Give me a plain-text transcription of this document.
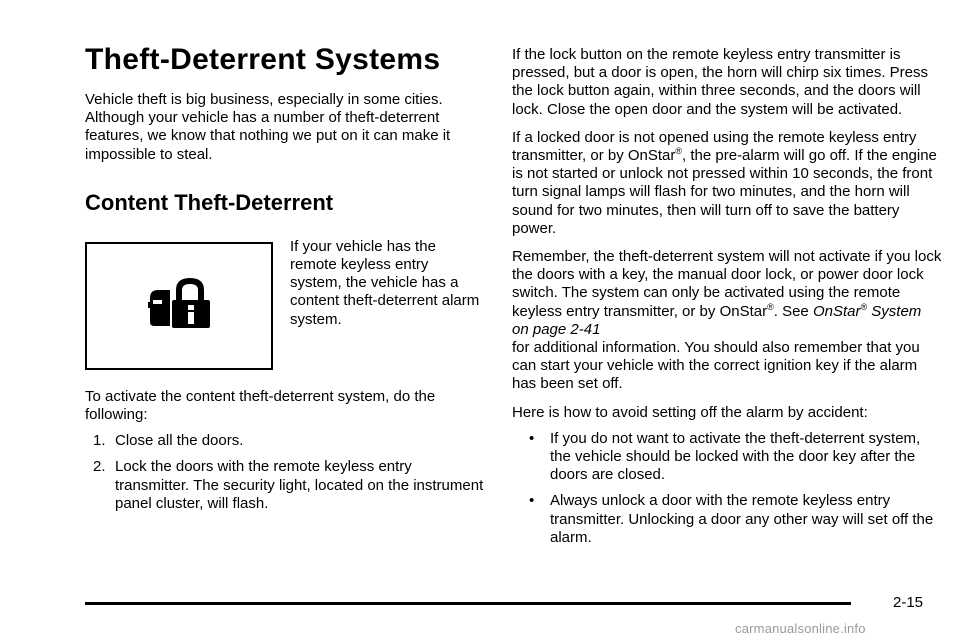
Theft-Deterrent Systems

Vehicle theft is big business, especially in some cities. Although your vehicle has a number of theft-deterrent features, we know that nothing we put on it can make it impossible to steal.

Content Theft-Deterrent

If your vehicle has the remote keyless entry system, the vehicle has a content theft-deterrent alarm system.

To activate the content theft-deterrent system, do the following:

1. Close all the doors.
2. Lock the doors with the remote keyless entry transmitter. The security light, located on the instrument panel cluster, will flash.

If the lock button on the remote keyless entry transmitter is pressed, but a door is open, the horn will chirp six times. Press the lock button again, within three seconds, and the doors will lock. Close the open door and the system will be activated.

If a locked door is not opened using the remote keyless entry transmitter, or by OnStar®, the pre-alarm will go off. If the engine is not started or unlock not pressed within 10 seconds, the front turn signal lamps will flash for two minutes, and the horn will sound for two minutes, then will turn off to save the battery power.

Remember, the theft-deterrent system will not activate if you lock the doors with a key, the manual door lock, or power door lock switch. The system can only be activated using the remote keyless entry transmitter, or by OnStar®. See OnStar® System on page 2-41
for additional information. You should also remember that you can start your vehicle with the correct ignition key if the alarm has been set off.

Here is how to avoid setting off the alarm by accident:

• If you do not want to activate the theft-deterrent system, the vehicle should be locked with the door key after the doors are closed.
• Always unlock a door with the remote keyless entry transmitter. Unlocking a door any other way will set off the alarm.
2-15
carmanualsonline.info
